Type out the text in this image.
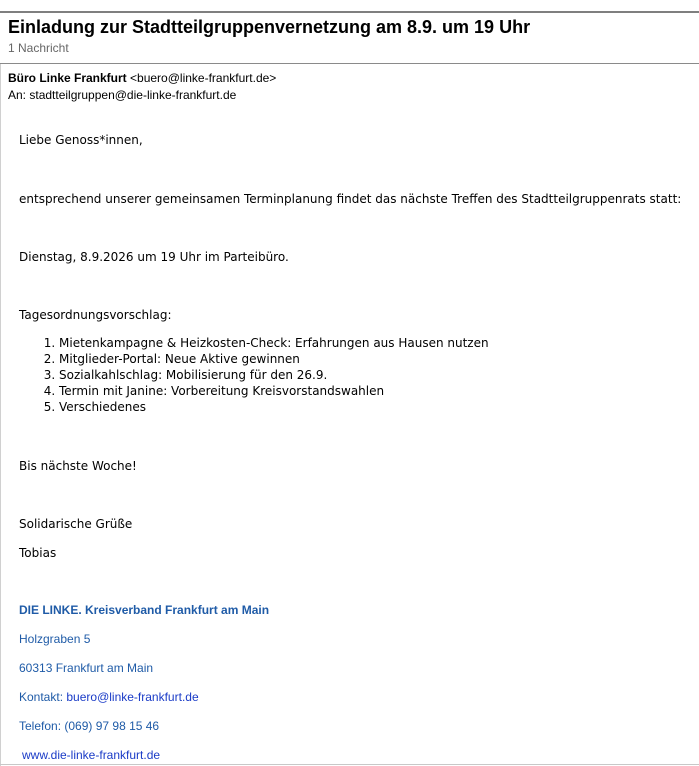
Einladung zur Stadtteilgruppenvernetzung am 8.9. um 19 Uhr
1 Nachricht
Büro Linke Frankfurt <buero@linke-frankfurt.de>
An: stadtteilgruppen@die-linke-frankfurt.de
Liebe Genoss*innen,
entsprechend unserer gemeinsamen Terminplanung findet das nächste Treffen des Stadtteilgruppenrats statt:
Dienstag, 8.9.2026 um 19 Uhr im Parteibüro.
Tagesordnungsvorschlag:
1. Mietenkampagne & Heizkosten-Check: Erfahrungen aus Hausen nutzen
2. Mitglieder-Portal: Neue Aktive gewinnen
3. Sozialkahlschlag: Mobilisierung für den 26.9.
4. Termin mit Janine: Vorbereitung Kreisvorstandswahlen
5. Verschiedenes
Bis nächste Woche!
Solidarische Grüße
Tobias
DIE LINKE. Kreisverband Frankfurt am Main
Holzgraben 5
60313 Frankfurt am Main
Kontakt: buero@linke-frankfurt.de
Telefon: (069) 97 98 15 46
www.die-linke-frankfurt.de
